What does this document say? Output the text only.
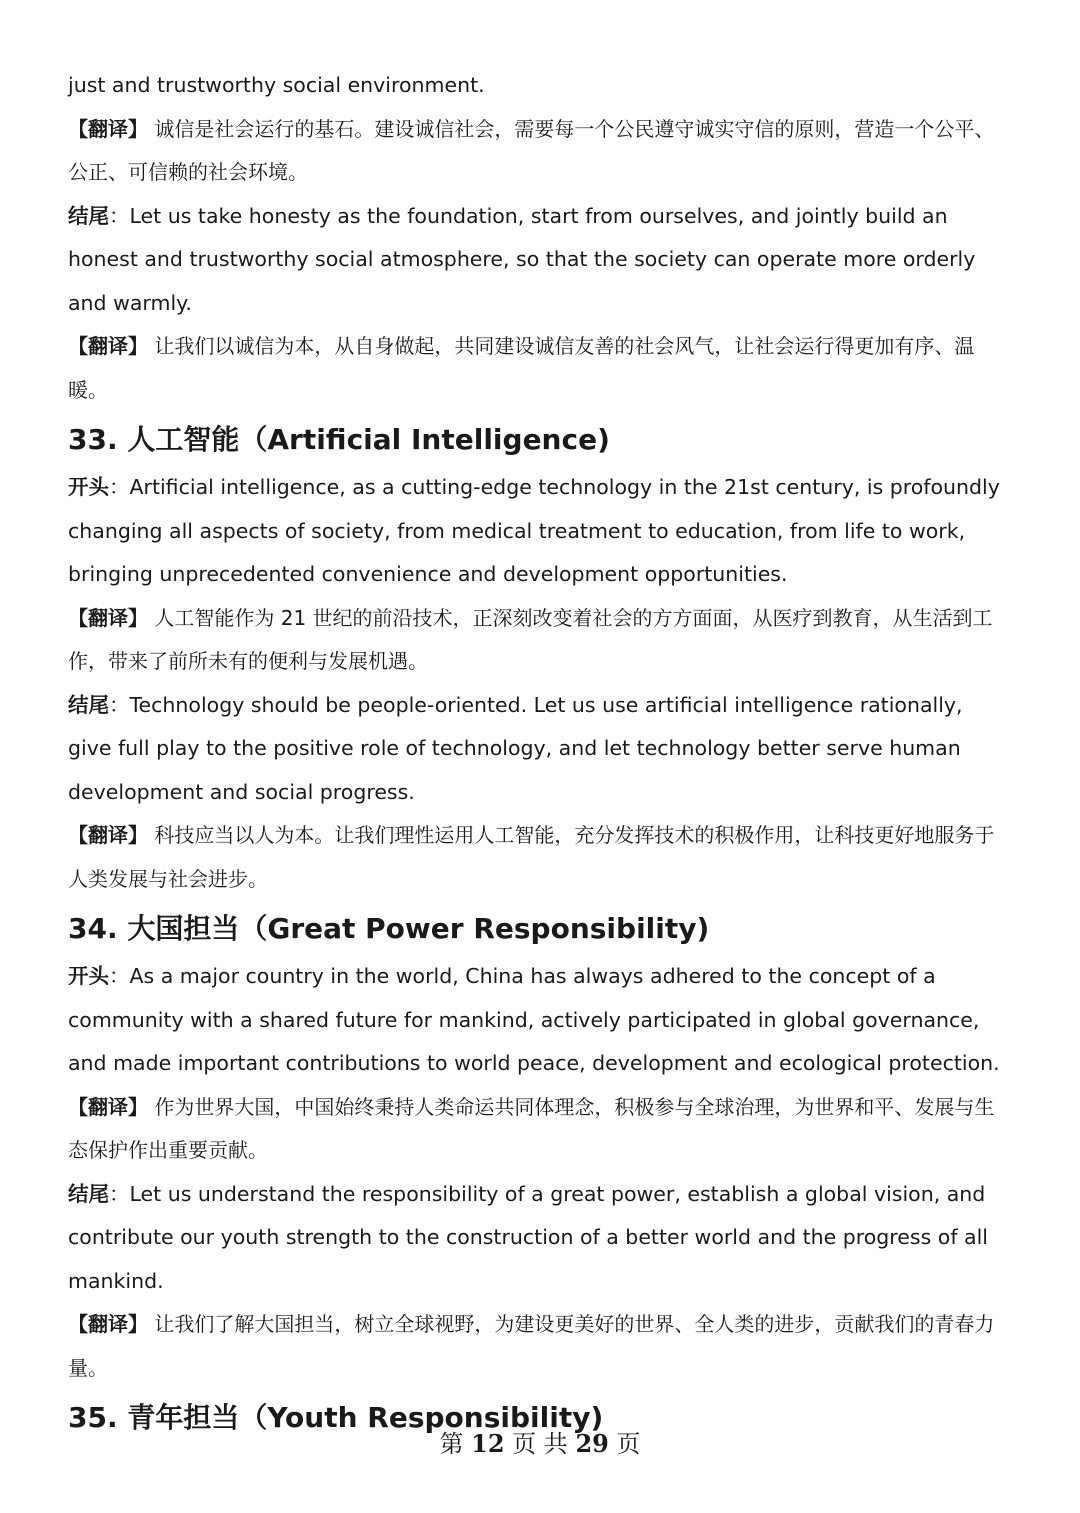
just and trustworthy social environment.

【翻译】 诚信是社会运行的基石。建设诚信社会，需要每一个公民遵守诚实守信的原则，营造一个公平、公正、可信赖的社会环境。

结尾：Let us take honesty as the foundation, start from ourselves, and jointly build an honest and trustworthy social atmosphere, so that the society can operate more orderly and warmly.

【翻译】 让我们以诚信为本，从自身做起，共同建设诚信友善的社会风气，让社会运行得更加有序、温暖。

33. 人工智能（Artificial Intelligence)

开头：Artificial intelligence, as a cutting-edge technology in the 21st century, is profoundly changing all aspects of society, from medical treatment to education, from life to work, bringing unprecedented convenience and development opportunities.

【翻译】 人工智能作为 21 世纪的前沿技术，正深刻改变着社会的方方面面，从医疗到教育，从生活到工作，带来了前所未有的便利与发展机遇。

结尾：Technology should be people-oriented. Let us use artificial intelligence rationally, give full play to the positive role of technology, and let technology better serve human development and social progress.

【翻译】 科技应当以人为本。让我们理性运用人工智能，充分发挥技术的积极作用，让科技更好地服务于人类发展与社会进步。

34. 大国担当（Great Power Responsibility)

开头：As a major country in the world, China has always adhered to the concept of a community with a shared future for mankind, actively participated in global governance, and made important contributions to world peace, development and ecological protection.

【翻译】 作为世界大国，中国始终秉持人类命运共同体理念，积极参与全球治理，为世界和平、发展与生态保护作出重要贡献。

结尾：Let us understand the responsibility of a great power, establish a global vision, and contribute our youth strength to the construction of a better world and the progress of all mankind.

【翻译】 让我们了解大国担当，树立全球视野，为建设更美好的世界、全人类的进步，贡献我们的青春力量。

35. 青年担当（Youth Responsibility)
第 12 页 共 29 页
